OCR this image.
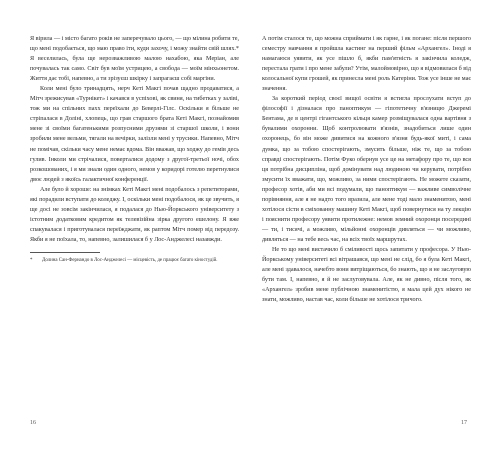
Я вірила — і місто багато років не заперечувало цього, — що мілина робити те, що мені подобається, що маю право іти, куди захочу, і можу знайти свій шлях.* Я веселилась, була ще нерозважливою малою нахабою, яка Меріан, але почувалась так само. Світ був моїм устрицею, а свобода — моїм мінхьонетом. Життя дає тобі, напевно, а ти зрізуєш шкірку і запрагаєш собі маргіни.

Коли мені було тринадцять, нерч Кеті Макгі почав щадно продаватися, а Мітч зрежисував «Турнікет» і качався в успіхові, як свиня, на тибетках у заліві, тож ми на спільних пахх переїхали до Беверлі-Гілс. Оскільки я більше не стріпалася в Доліні, хлопець, що грав старшого брата Кеті Макгі, познайомив мене зі своїми багатенькими розпусними друзями зі старшої школи, і вони зробили мене вельми, тягали на вечірки, залізли мені у трусики. Напевно, Мітч не помічав, скільки часу мене немає вдома. Він вважав, що ходжу до гемів десь гулив. Інколи ми стрічалися, поверталися додому з другої-третьої ночі, обох розкошованих, і я ми знали один одного, немов у коридорі готелю перетнулися двоє людей з якоїсь галактичної конференції.

Але було й хороше: на знімках Кеті Макгі мені подобалось з репетиторами, які порадили вступати до коледжу. І, оскільки мені подобалося, як це звучить, я ще досі не зовсім закінчилася, я подалася до Нью-Йоркського університету з істотним додатковим кредитом як телевізійна зірка другого ешелону. Я вже спакувалася і приготувалася переїжджати, як раптом Мітч помер від передозу. Якби я не поїхала, то, напевно, залишилася б у Лос-Анджелесі назавжди.

* Долина Сан-Фернандо в Лос-Анджелесі — місцевість, де працює багато кіностудій.

А потім сталося те, що можна сприймати і як гарне, і як погане: після першого семестру навчання я пройшла кастинг на перший фільм «Архангел». Іноді я намагаюся уявити, як усе пішло б, якби пам'ятність я закінчила коледж, перестала грати і про мене забули? Утім, малоймовірно, що я відмовилася б від колосальної купи грошей, як принесла мені роль Катеріни. Тож усе інше не має значення.

За короткий період своєї вищої освіти я встигла прослухати вступ до філософії і дізналася про паноптикум — гіпотетичну в'язницю Джеремі Бентама, де в центрі гігантського кільця камер розміщувалася одна вартівня з бувалими охоронни. Щоб контролювати в'язнів, знадобиться лише один охоронець, бо він може дивитися на кожного в'язня будь-якої миті, і сама думка, що за тобою спостерігають, змусить більше, ніж те, що за тобою справді спостерігають. Потім Фуко обернув усе це на метафору про те, що вся ця потрібна дисципліна, щоб домінувати над людиною чи керувати, потрібно змусити їх вважати, що, можливо, за ними спостерігають. Не можете сказати, професор хотів, аби ми всі подумали, що паноптикум — важливе символічне порівняння, але я не надто того вразила, але мене тоді мало знаменитою, мені хотілося сісти в сміхованну машину Кеті Макгі, щоб повернутися на ту лекцію і пояснити професору уявити протилежне: немов земний охоронця посередині — ти, і тисячі, а можливо, мільйонні охоронців дивляться — чи можливо, дивляться — на тебе весь час, на всіх твоїх маршрутах.

Не то що мені вистачило б сміливості щось запитати у професора. У Нью-Йоркському університеті всі вітрашався, що мені не слід, бо я була Кеті Макгі, але мені здавалося, начебто вони витріщаються, бо знають, що я не заслуговую бути там. І, напевно, я й не заслуговувала. Але, як не дивно, після того, як «Архангел» зробив мене публічною знаменитістю, я мала цей дух нікого не знати, можливо, настав час, коли більше не хотілося тричого.

16	17
